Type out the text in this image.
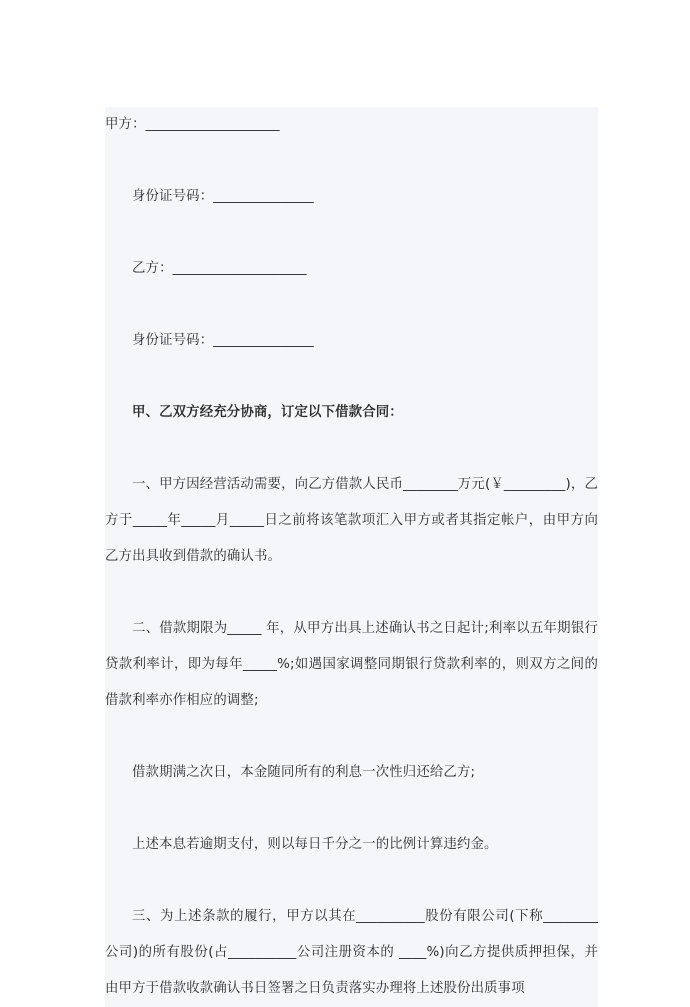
甲方：____________________
身份证号码：_______________
乙方：____________________
身份证号码：_______________
甲、乙双方经充分协商，订定以下借款合同：

一、甲方因经营活动需要，向乙方借款人民币________万元(￥_________)，乙方于_____年_____月_____日之前将该笔款项汇入甲方或者其指定帐户，由甲方向乙方出具收到借款的确认书。

二、借款期限为_____ 年，从甲方出具上述确认书之日起计;利率以五年期银行贷款利率计，即为每年_____%;如遇国家调整同期银行贷款利率的，则双方之间的借款利率亦作相应的调整;

借款期满之次日，本金随同所有的利息一次性归还给乙方;

上述本息若逾期支付，则以每日千分之一的比例计算违约金。

三、为上述条款的履行，甲方以其在__________股份有限公司(下称________公司)的所有股份(占__________公司注册资本的 ____%)向乙方提供质押担保，并由甲方于借款收款确认书日签署之日负责落实办理将上述股份出质事项
